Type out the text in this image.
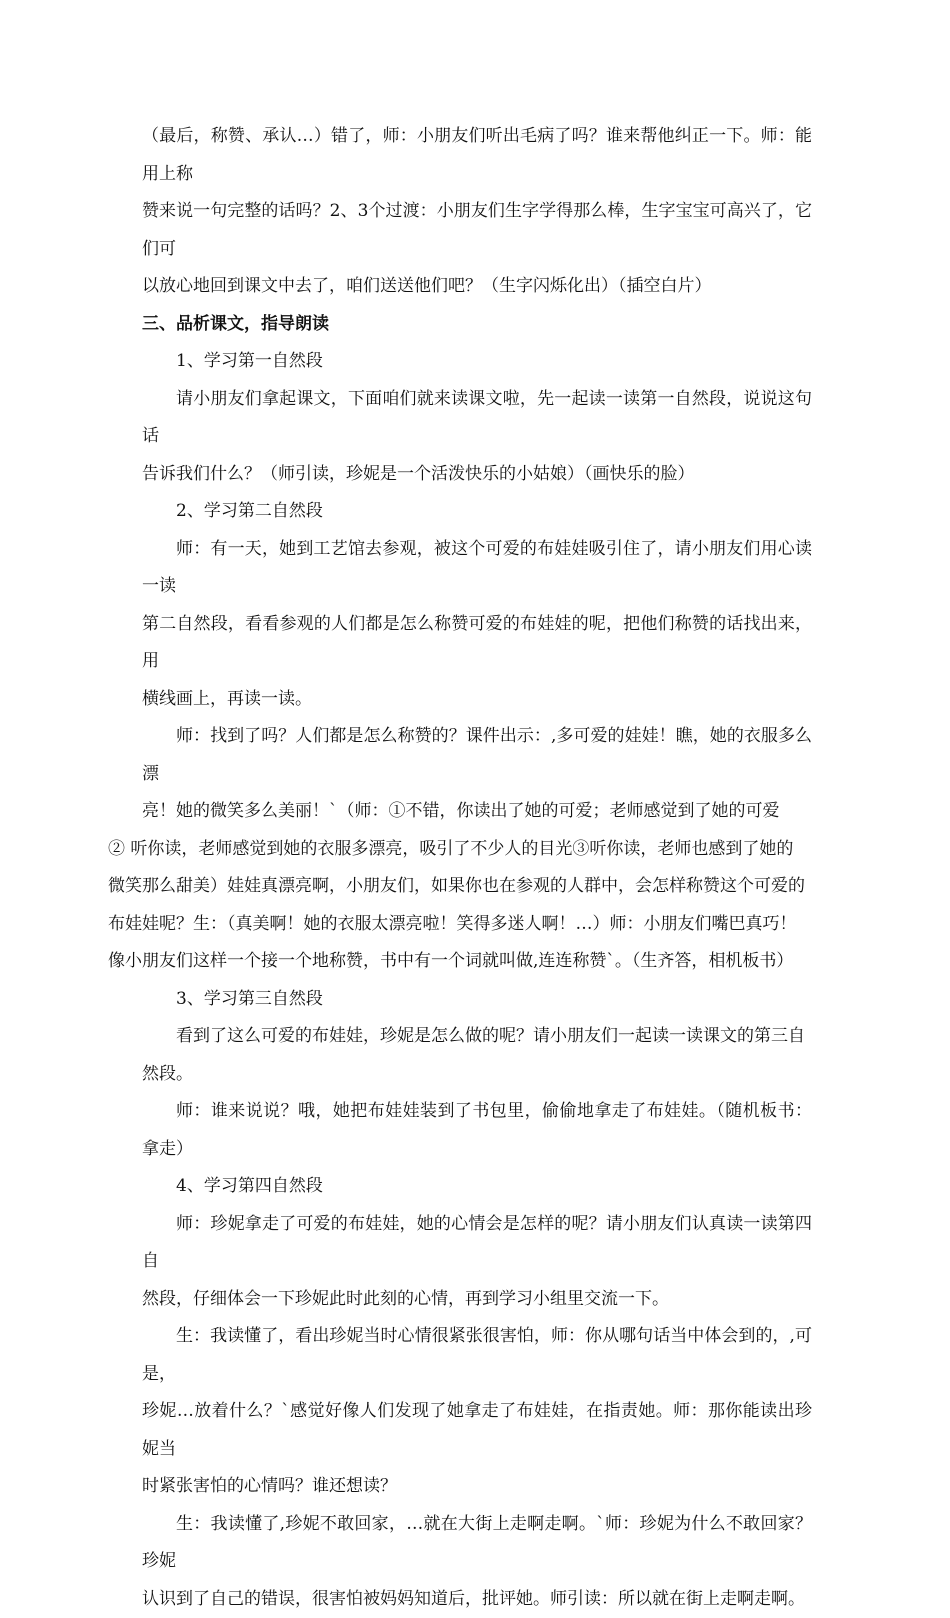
（最后，称赞、承认…）错了，师：小朋友们听出毛病了吗？谁来帮他纠正一下。师：能用上称
赞来说一句完整的话吗？2、3个过渡：小朋友们生字学得那么棒，生字宝宝可高兴了，它们可
以放心地回到课文中去了，咱们送送他们吧？（生字闪烁化出）（插空白片）

三、品析课文，指导朗读

1、学习第一自然段

请小朋友们拿起课文，下面咱们就来读课文啦，先一起读一读第一自然段，说说这句话
告诉我们什么？（师引读，珍妮是一个活泼快乐的小姑娘）（画快乐的脸）

2、学习第二自然段

师：有一天，她到工艺馆去参观，被这个可爱的布娃娃吸引住了，请小朋友们用心读一读
第二自然段，看看参观的人们都是怎么称赞可爱的布娃娃的呢，把他们称赞的话找出来，用
横线画上，再读一读。

师：找到了吗？人们都是怎么称赞的？课件出示：,多可爱的娃娃！瞧，她的衣服多么漂
亮！她的微笑多么美丽！`（师：①不错，你读出了她的可爱；老师感觉到了她的可爱
② 听你读，老师感觉到她的衣服多漂亮，吸引了不少人的目光③听你读，老师也感到了她的
微笑那么甜美）娃娃真漂亮啊，小朋友们，如果你也在参观的人群中，会怎样称赞这个可爱的
布娃娃呢？生：（真美啊！她的衣服太漂亮啦！笑得多迷人啊！…）师：小朋友们嘴巴真巧！
像小朋友们这样一个接一个地称赞，书中有一个词就叫做,连连称赞`。（生齐答，相机板书）

3、学习第三自然段

看到了这么可爱的布娃娃，珍妮是怎么做的呢？请小朋友们一起读一读课文的第三自
然段。

师：谁来说说？哦，她把布娃娃装到了书包里，偷偷地拿走了布娃娃。（随机板书：拿走）

4、学习第四自然段

师：珍妮拿走了可爱的布娃娃，她的心情会是怎样的呢？请小朋友们认真读一读第四自
然段，仔细体会一下珍妮此时此刻的心情，再到学习小组里交流一下。

生：我读懂了，看出珍妮当时心情很紧张很害怕，师：你从哪句话当中体会到的，,可是，
珍妮…放着什么？`感觉好像人们发现了她拿走了布娃娃，在指责她。师：那你能读出珍妮当
时紧张害怕的心情吗？谁还想读？

生：我读懂了,珍妮不敢回家，…就在大街上走啊走啊。`师：珍妮为什么不敢回家？珍妮
认识到了自己的错误，很害怕被妈妈知道后，批评她。师引读：所以就在街上走啊走啊。
